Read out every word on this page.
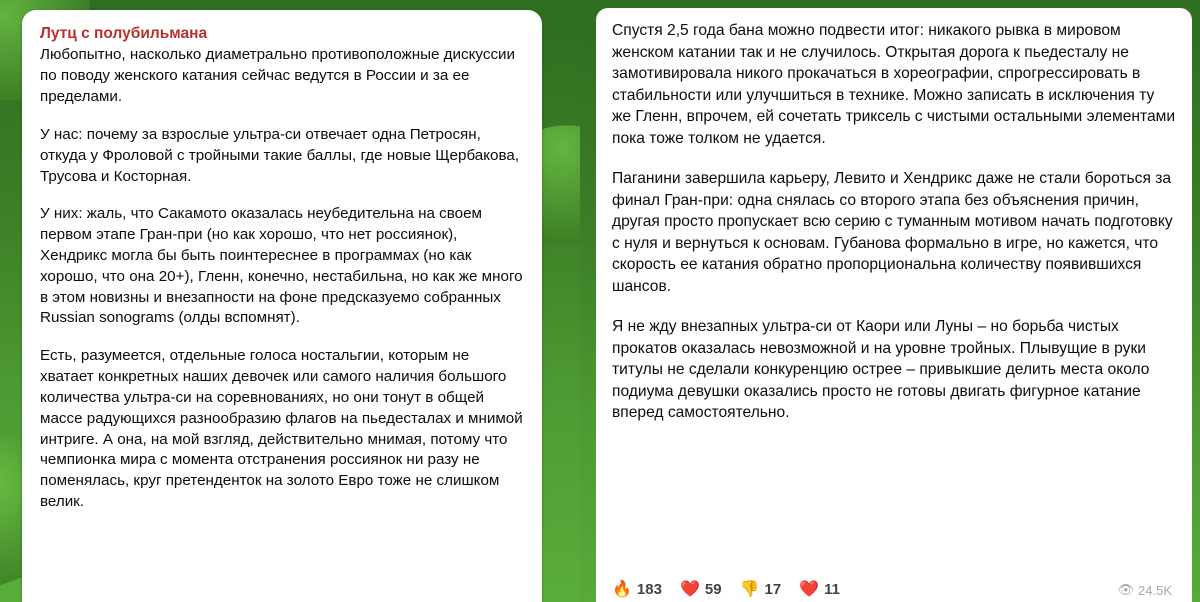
Лутц с полубильмана

Любопытно, насколько диаметрально противоположные дискуссии по поводу женского катания сейчас ведутся в России и за ее пределами.

У нас: почему за взрослые ультра-си отвечает одна Петросян, откуда у Фроловой с тройными такие баллы, где новые Щербакова, Трусова и Косторная.

У них: жаль, что Сакамото оказалась неубедительна на своем первом этапе Гран-при (но как хорошо, что нет россиянок), Хендрикс могла бы быть поинтереснее в программах (но как хорошо, что она 20+), Гленн, конечно, нестабильна, но как же много в этом новизны и внезапности на фоне предсказуемо собранных Russian sonograms (олды вспомнят).

Есть, разумеется, отдельные голоса ностальгии, которым не хватает конкретных наших девочек или самого наличия большого количества ультра-си на соревнованиях, но они тонут в общей массе радующихся разнообразию флагов на пьедесталах и мнимой интриге. А она, на мой взгляд, действительно мнимая, потому что чемпионка мира с момента отстранения россиянок ни разу не поменялась, круг претенденток на золото Евро тоже не слишком велик.

Спустя 2,5 года бана можно подвести итог: никакого рывка в мировом женском катании так и не случилось. Открытая дорога к пьедесталу не замотивировала никого прокачаться в хореографии, спрогрессировать в стабильности или улучшиться в технике. Можно записать в исключения ту же Гленн, впрочем, ей сочетать триксель с чистыми остальными элементами пока тоже толком не удается.

Паганини завершила карьеру, Левито и Хендрикс даже не стали бороться за финал Гран-при: одна снялась со второго этапа без объяснения причин, другая просто пропускает всю серию с туманным мотивом начать подготовку с нуля и вернуться к основам. Губанова формально в игре, но кажется, что скорость ее катания обратно пропорциональна количеству появившихся шансов.

Я не жду внезапных ультра-си от Каори или Луны – но борьба чистых прокатов оказалась невозможной и на уровне тройных. Плывущие в руки титулы не сделали конкуренцию острее – привыкшие делить места около подиума девушки оказались просто не готовы двигать фигурное катание вперед самостоятельно.

🔥 183 ❤️ 59 👎 17 ❤️ 11	👁 24.5K
